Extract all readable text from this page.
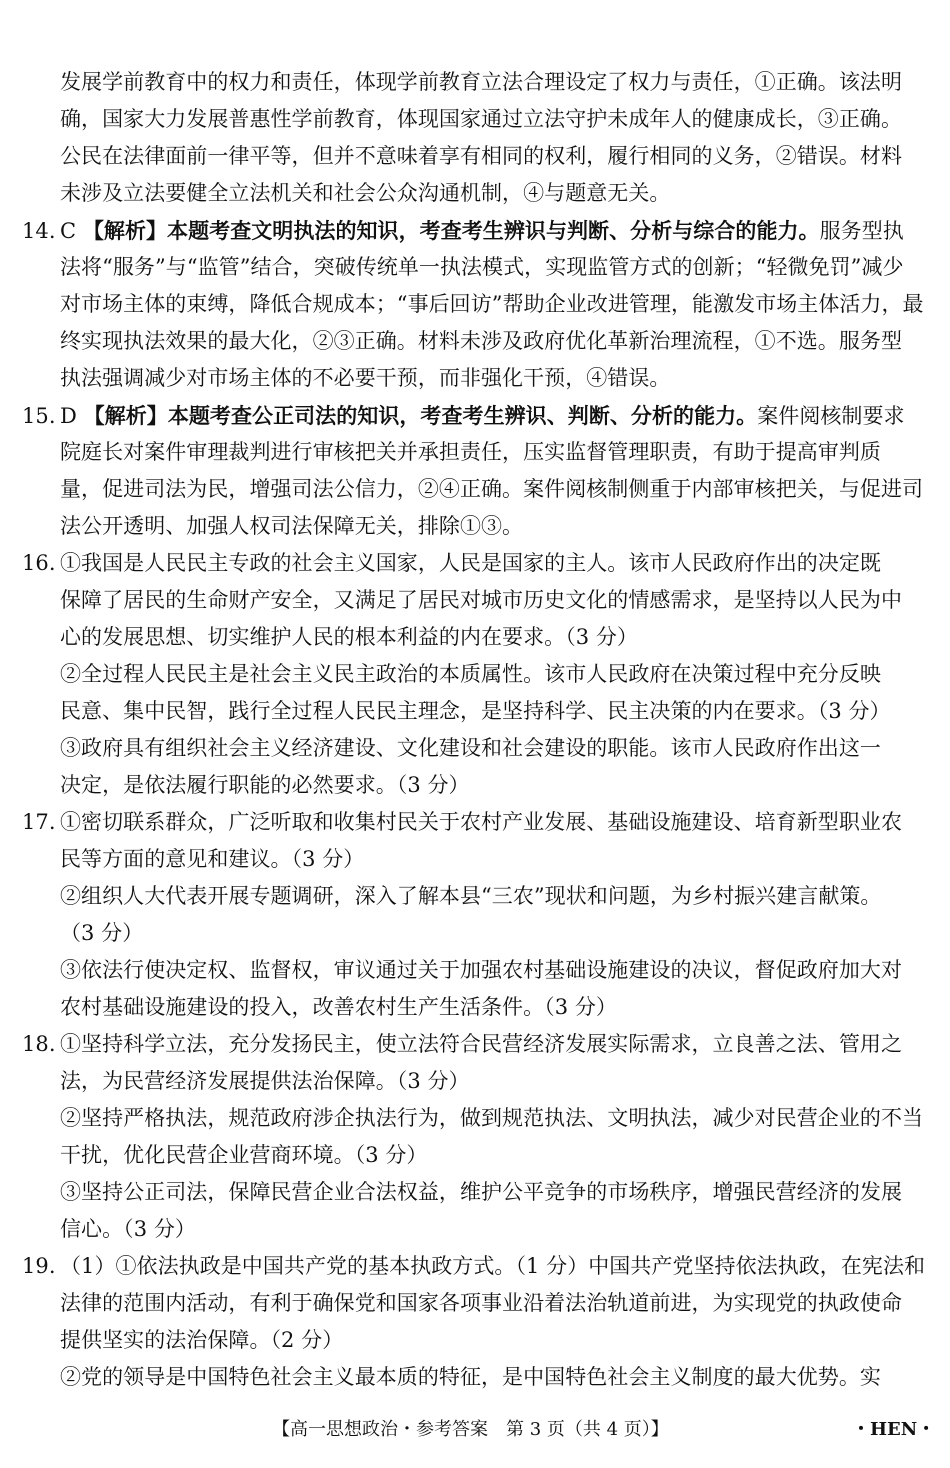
发展学前教育中的权力和责任，体现学前教育立法合理设定了权力与责任，①正确。该法明
确，国家大力发展普惠性学前教育，体现国家通过立法守护未成年人的健康成长，③正确。
公民在法律面前一律平等，但并不意味着享有相同的权利，履行相同的义务，②错误。材料
未涉及立法要健全立法机关和社会公众沟通机制，④与题意无关。
14. C 【解析】本题考查文明执法的知识，考查考生辨识与判断、分析与综合的能力。服务型执
法将“服务”与“监管”结合，突破传统单一执法模式，实现监管方式的创新；“轻微免罚”减少
对市场主体的束缚，降低合规成本；“事后回访”帮助企业改进管理，能激发市场主体活力，最
终实现执法效果的最大化，②③正确。材料未涉及政府优化革新治理流程，①不选。服务型
执法强调减少对市场主体的不必要干预，而非强化干预，④错误。
15. D 【解析】本题考查公正司法的知识，考查考生辨识、判断、分析的能力。案件阅核制要求
院庭长对案件审理裁判进行审核把关并承担责任，压实监督管理职责，有助于提高审判质
量，促进司法为民，增强司法公信力，②④正确。案件阅核制侧重于内部审核把关，与促进司
法公开透明、加强人权司法保障无关，排除①③。
16. ①我国是人民民主专政的社会主义国家，人民是国家的主人。该市人民政府作出的决定既
保障了居民的生命财产安全，又满足了居民对城市历史文化的情感需求，是坚持以人民为中
心的发展思想、切实维护人民的根本利益的内在要求。（3 分）
②全过程人民民主是社会主义民主政治的本质属性。该市人民政府在决策过程中充分反映
民意、集中民智，践行全过程人民民主理念，是坚持科学、民主决策的内在要求。（3 分）
③政府具有组织社会主义经济建设、文化建设和社会建设的职能。该市人民政府作出这一
决定，是依法履行职能的必然要求。（3 分）
17. ①密切联系群众，广泛听取和收集村民关于农村产业发展、基础设施建设、培育新型职业农
民等方面的意见和建议。（3 分）
②组织人大代表开展专题调研，深入了解本县“三农”现状和问题，为乡村振兴建言献策。
（3 分）
③依法行使决定权、监督权，审议通过关于加强农村基础设施建设的决议，督促政府加大对
农村基础设施建设的投入，改善农村生产生活条件。（3 分）
18. ①坚持科学立法，充分发扬民主，使立法符合民营经济发展实际需求，立良善之法、管用之
法，为民营经济发展提供法治保障。（3 分）
②坚持严格执法，规范政府涉企执法行为，做到规范执法、文明执法，减少对民营企业的不当
干扰，优化民营企业营商环境。（3 分）
③坚持公正司法，保障民营企业合法权益，维护公平竞争的市场秩序，增强民营经济的发展
信心。（3 分）
19. （1）①依法执政是中国共产党的基本执政方式。（1 分）中国共产党坚持依法执政，在宪法和
法律的范围内活动，有利于确保党和国家各项事业沿着法治轨道前进，为实现党的执政使命
提供坚实的法治保障。（2 分）
②党的领导是中国特色社会主义最本质的特征，是中国特色社会主义制度的最大优势。实
【高一思想政治・参考答案　第 3 页（共 4 页）】	・HEN・
